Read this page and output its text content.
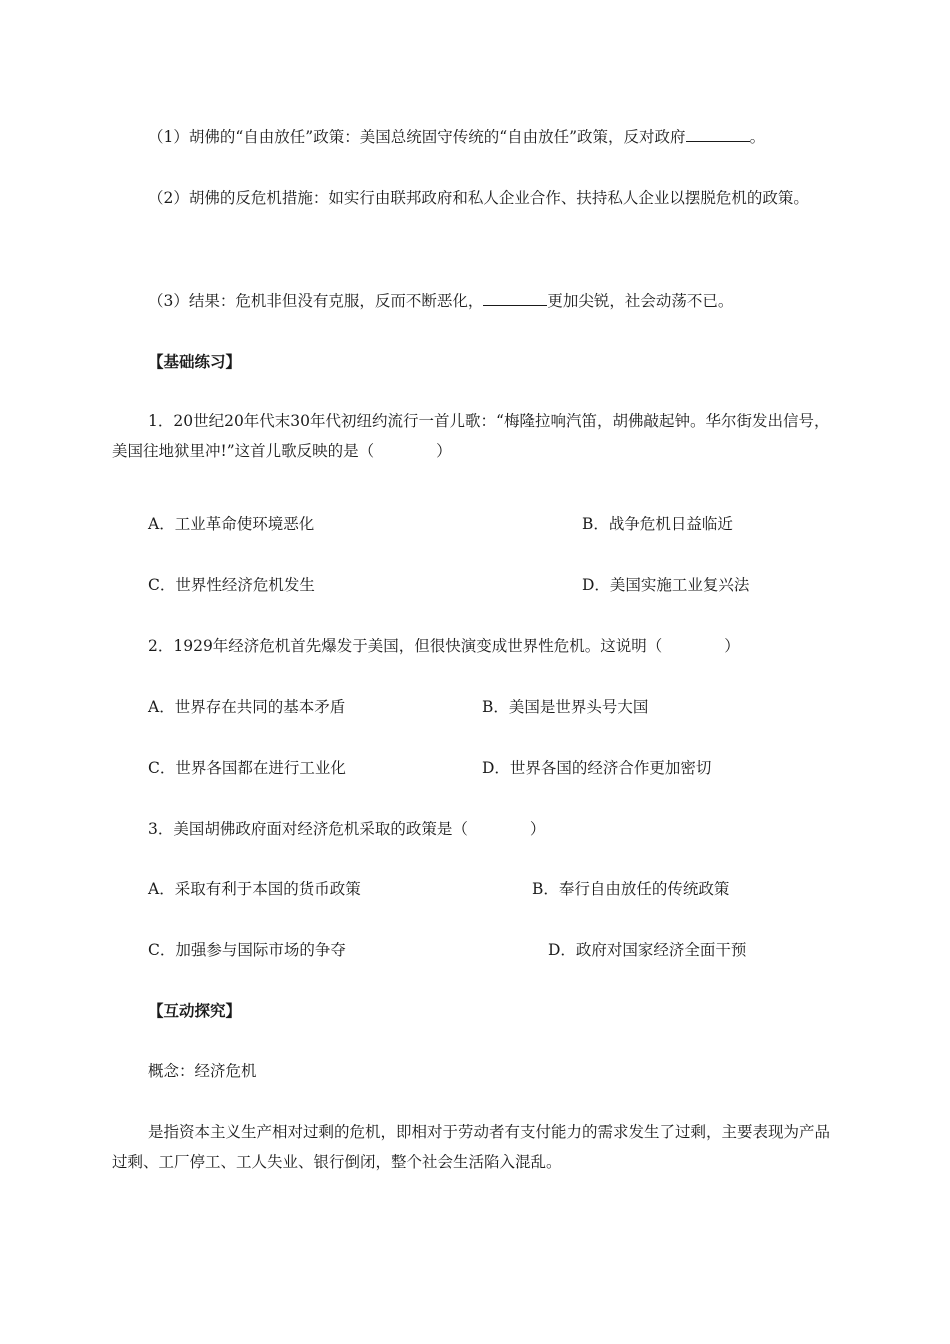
（1）胡佛的“自由放任”政策：美国总统固守传统的“自由放任”政策，反对政府	。
（2）胡佛的反危机措施：如实行由联邦政府和私人企业合作、扶持私人企业以摆脱危机的政策。
（3）结果：危机非但没有克服，反而不断恶化，	更加尖锐，社会动荡不已。
【基础练习】
1．20世纪20年代末30年代初纽约流行一首儿歌：“梅隆拉响汽笛，胡佛敲起钟。华尔街发出信号，美国往地狱里冲!”这首儿歌反映的是（　　　　）
A．工业革命使环境恶化	B．战争危机日益临近
C．世界性经济危机发生	D．美国实施工业复兴法
2．1929年经济危机首先爆发于美国，但很快演变成世界性危机。这说明（　　　　）
A．世界存在共同的基本矛盾	B．美国是世界头号大国
C．世界各国都在进行工业化	D．世界各国的经济合作更加密切
3．美国胡佛政府面对经济危机采取的政策是（　　　　）
A．采取有利于本国的货币政策	B．奉行自由放任的传统政策
C．加强参与国际市场的争夺	D．政府对国家经济全面干预
【互动探究】
概念：经济危机
是指资本主义生产相对过剩的危机，即相对于劳动者有支付能力的需求发生了过剩，主要表现为产品过剩、工厂停工、工人失业、银行倒闭，整个社会生活陷入混乱。
